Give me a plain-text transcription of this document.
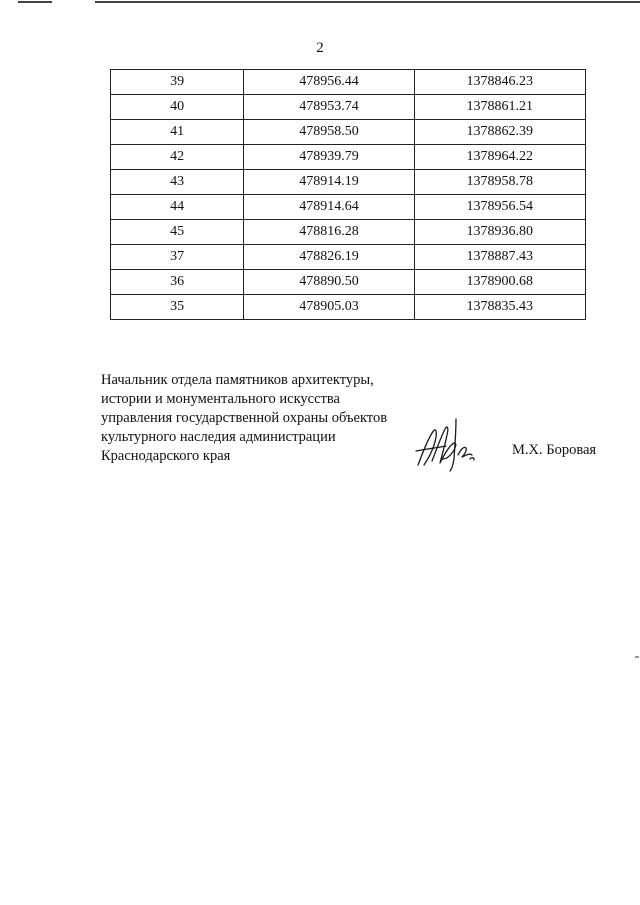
2
39	478956.44	1378846.23
40	478953.74	1378861.21
41	478958.50	1378862.39
42	478939.79	1378964.22
43	478914.19	1378958.78
44	478914.64	1378956.54
45	478816.28	1378936.80
37	478826.19	1378887.43
36	478890.50	1378900.68
35	478905.03	1378835.43
Начальник отдела памятников архитектуры,
истории и монументального искусства
управления государственной охраны объектов
культурного наследия администрации
Краснодарского края	М.Х. Боровая
